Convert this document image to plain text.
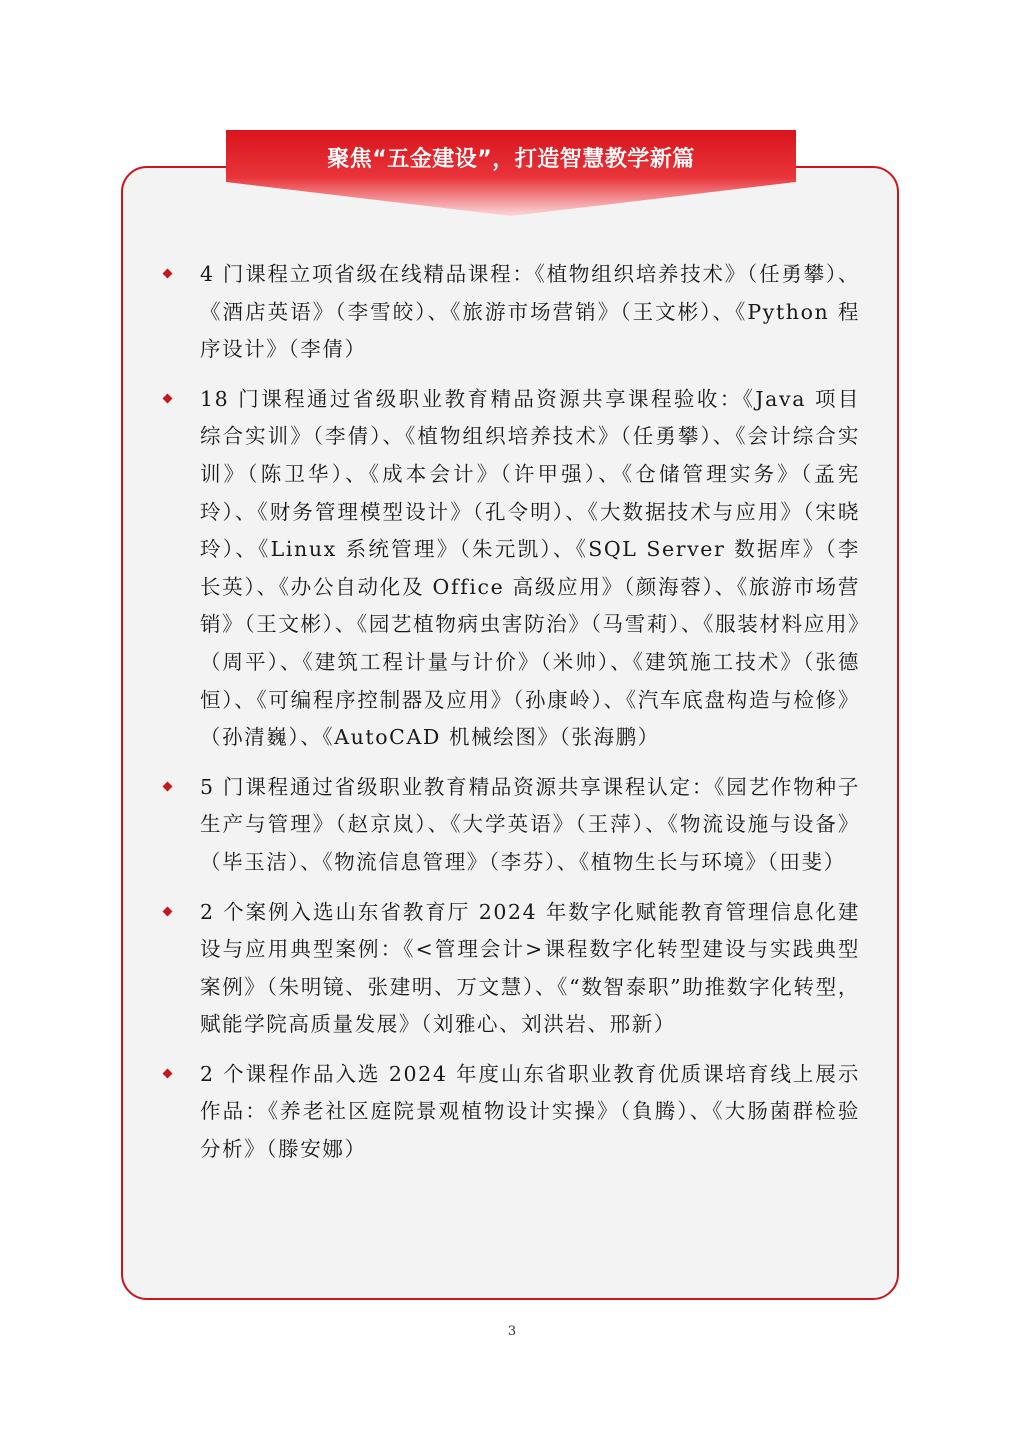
聚焦“五金建设”，打造智慧教学新篇
4 门课程立项省级在线精品课程：《植物组织培养技术》（任勇攀）、《酒店英语》（李雪皎）、《旅游市场营销》（王文彬）、《Python 程序设计》（李倩）
18 门课程通过省级职业教育精品资源共享课程验收：《Java 项目综合实训》（李倩）、《植物组织培养技术》（任勇攀）、《会计综合实训》（陈卫华）、《成本会计》（许甲强）、《仓储管理实务》（孟宪玲）、《财务管理模型设计》（孔令明）、《大数据技术与应用》（宋晓玲）、《Linux 系统管理》（朱元凯）、《SQL Server 数据库》（李长英）、《办公自动化及 Office 高级应用》（颜海蓉）、《旅游市场营销》（王文彬）、《园艺植物病虫害防治》（马雪莉）、《服装材料应用》（周平）、《建筑工程计量与计价》（米帅）、《建筑施工技术》（张德恒）、《可编程序控制器及应用》（孙康岭）、《汽车底盘构造与检修》（孙清巍）、《AutoCAD 机械绘图》（张海鹏）
5 门课程通过省级职业教育精品资源共享课程认定：《园艺作物种子生产与管理》（赵京岚）、《大学英语》（王萍）、《物流设施与设备》（毕玉洁）、《物流信息管理》（李芬）、《植物生长与环境》（田斐）
2 个案例入选山东省教育厅 2024 年数字化赋能教育管理信息化建设与应用典型案例：《<管理会计>课程数字化转型建设与实践典型案例》（朱明镜、张建明、万文慧）、《“数智泰职”助推数字化转型，赋能学院高质量发展》（刘雅心、刘洪岩、邢新）
2 个课程作品入选 2024 年度山东省职业教育优质课培育线上展示作品：《养老社区庭院景观植物设计实操》（負腾）、《大肠菌群检验分析》（滕安娜）
3
